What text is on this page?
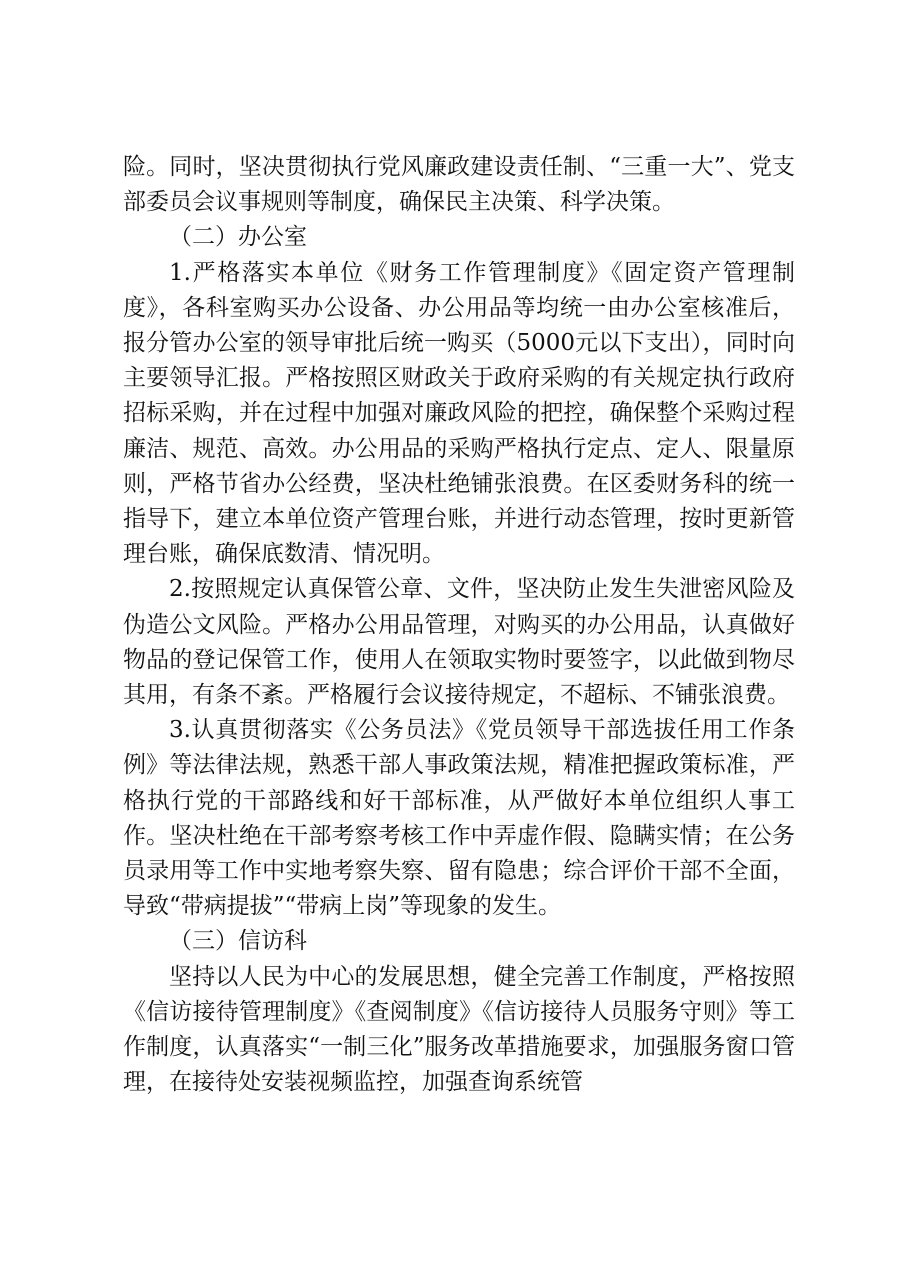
险。同时，坚决贯彻执行党风廉政建设责任制、“三重一大”、党支部委员会议事规则等制度，确保民主决策、科学决策。

（二）办公室

1.严格落实本单位《财务工作管理制度》《固定资产管理制度》，各科室购买办公设备、办公用品等均统一由办公室核准后，报分管办公室的领导审批后统一购买（5000元以下支出），同时向主要领导汇报。严格按照区财政关于政府采购的有关规定执行政府招标采购，并在过程中加强对廉政风险的把控，确保整个采购过程廉洁、规范、高效。办公用品的采购严格执行定点、定人、限量原则，严格节省办公经费，坚决杜绝铺张浪费。在区委财务科的统一指导下，建立本单位资产管理台账，并进行动态管理，按时更新管理台账，确保底数清、情况明。

2.按照规定认真保管公章、文件，坚决防止发生失泄密风险及伪造公文风险。严格办公用品管理，对购买的办公用品，认真做好物品的登记保管工作，使用人在领取实物时要签字，以此做到物尽其用，有条不紊。严格履行会议接待规定，不超标、不铺张浪费。

3.认真贯彻落实《公务员法》《党员领导干部选拔任用工作条例》等法律法规，熟悉干部人事政策法规，精准把握政策标准，严格执行党的干部路线和好干部标准，从严做好本单位组织人事工作。坚决杜绝在干部考察考核工作中弄虚作假、隐瞒实情；在公务员录用等工作中实地考察失察、留有隐患；综合评价干部不全面，导致“带病提拔”“带病上岗”等现象的发生。

（三）信访科

坚持以人民为中心的发展思想，健全完善工作制度，严格按照《信访接待管理制度》《查阅制度》《信访接待人员服务守则》等工作制度，认真落实“一制三化”服务改革措施要求，加强服务窗口管理，在接待处安装视频监控，加强查询系统管
